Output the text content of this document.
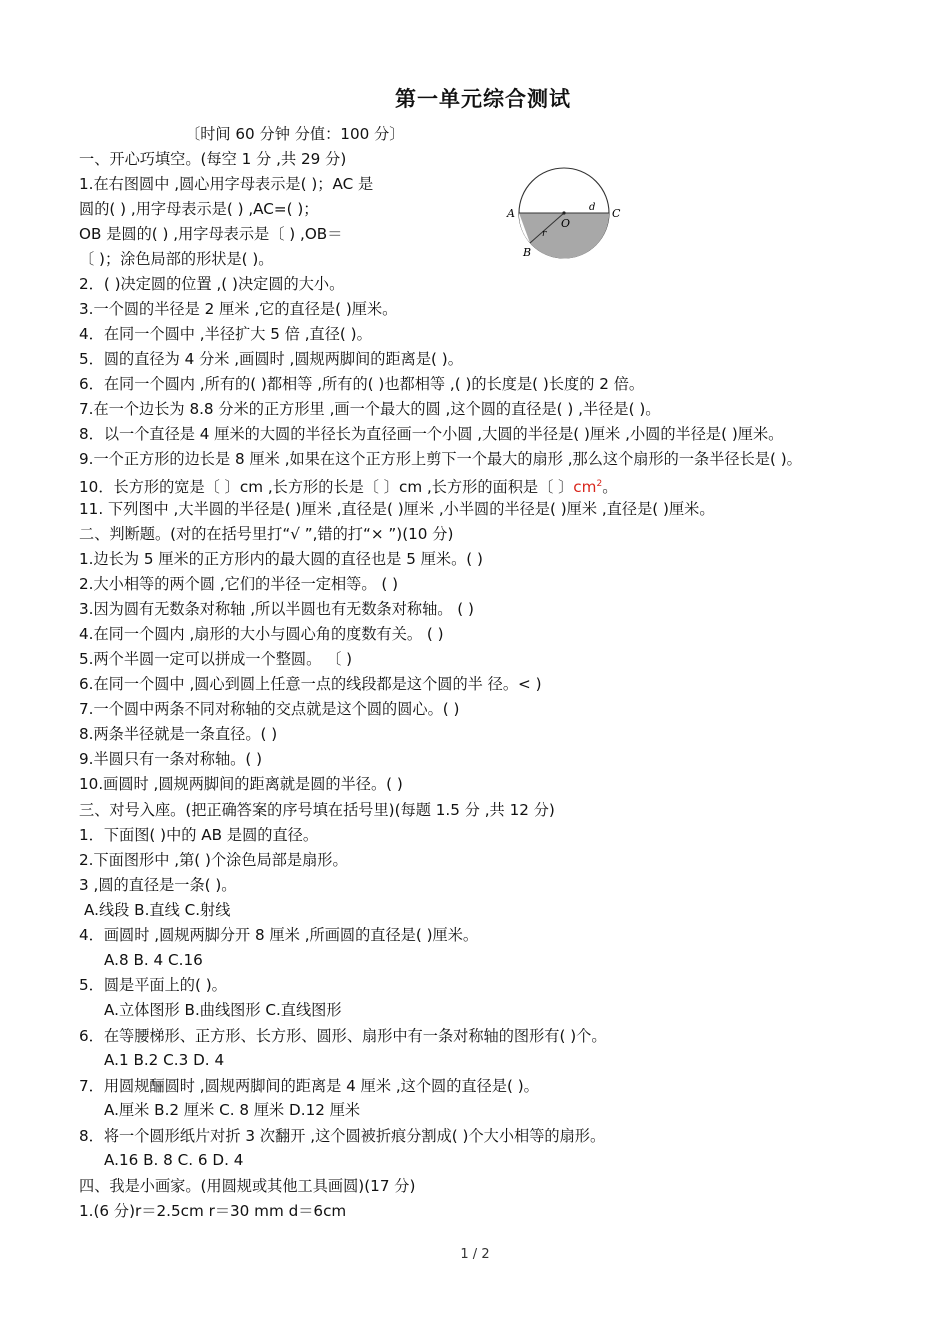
第一单元综合测试
〔时间 60 分钟 分值：100 分〕
一、开心巧填空。(每空 1 分 ,共 29 分)
1.在右图圆中 ,圆心用字母表示是( )；AC 是
圆的( ) ,用字母表示是( ) ,AC=( )；
OB 是圆的( ) ,用字母表示是〔 ) ,OB＝
〔 )；涂色局部的形状是( )。
A	C
B
O
r
d
2．( )决定圆的位置 ,( )决定圆的大小。
3.一个圆的半径是 2 厘米 ,它的直径是( )厘米。
4．在同一个圆中 ,半径扩大 5 倍 ,直径( )。
5．圆的直径为 4 分米 ,画圆时 ,圆规两脚间的距离是( )。
6．在同一个圆内 ,所有的( )都相等 ,所有的( )也都相等 ,( )的长度是( )长度的 2 倍。
7.在一个边长为 8.8 分米的正方形里 ,画一个最大的圆 ,这个圆的直径是( ) ,半径是( )。
8．以一个直径是 4 厘米的大圆的半径长为直径画一个小圆 ,大圆的半径是( )厘米 ,小圆的半径是( )厘米。
9.一个正方形的边长是 8 厘米 ,如果在这个正方形上剪下一个最大的扇形 ,那么这个扇形的一条半径长是( )。
10．长方形的宽是〔 〕cm ,长方形的长是〔 〕cm ,长方形的面积是〔 〕$cm^2$。
11. 下列图中 ,大半圆的半径是( )厘米 ,直径是( )厘米 ,小半圆的半径是( )厘米 ,直径是( )厘米。
二、判断题。(对的在括号里打“√ ”,错的打“× ”)(10 分)
1.边长为 5 厘米的正方形内的最大圆的直径也是 5 厘米。( )
2.大小相等的两个圆 ,它们的半径一定相等。 ( )
3.因为圆有无数条对称轴 ,所以半圆也有无数条对称轴。 ( )
4.在同一个圆内 ,扇形的大小与圆心角的度数有关。 ( )
5.两个半圆一定可以拼成一个整圆。 〔 )
6.在同一个圆中 ,圆心到圆上任意一点的线段都是这个圆的半 径。< )
7.一个圆中两条不同对称轴的交点就是这个圆的圆心。( )
8.两条半径就是一条直径。( )
9.半圆只有一条对称轴。( )
10.画圆时 ,圆规两脚间的距离就是圆的半径。( )
三、对号入座。(把正确答案的序号填在括号里)(每题 1.5 分 ,共 12 分)
1．下面图( )中的 AB 是圆的直径。
2.下面图形中 ,第( )个涂色局部是扇形。
3 ,圆的直径是一条( )。
A.线段 B.直线 C.射线
4．画圆时 ,圆规两脚分开 8 厘米 ,所画圆的直径是( )厘米。
A.8 B. 4 C.16
5．圆是平面上的( )。
A.立体图形 B.曲线图形 C.直线图形
6．在等腰梯形、正方形、长方形、圆形、扇形中有一条对称轴的图形有( )个。
A.1 B.2 C.3 D. 4
7．用圆规酾圆时 ,圆规两脚间的距离是 4 厘米 ,这个圆的直径是( )。
A.厘米 B.2 厘米 C. 8 厘米 D.12 厘米
8．将一个圆形纸片对折 3 次翻开 ,这个圆被折痕分割成( )个大小相等的扇形。
A.16 B. 8 C. 6 D. 4
四、我是小画家。(用圆规或其他工具画圆)(17 分)
1.(6 分)r＝2.5cm r＝30 mm d＝6cm
1 / 2
